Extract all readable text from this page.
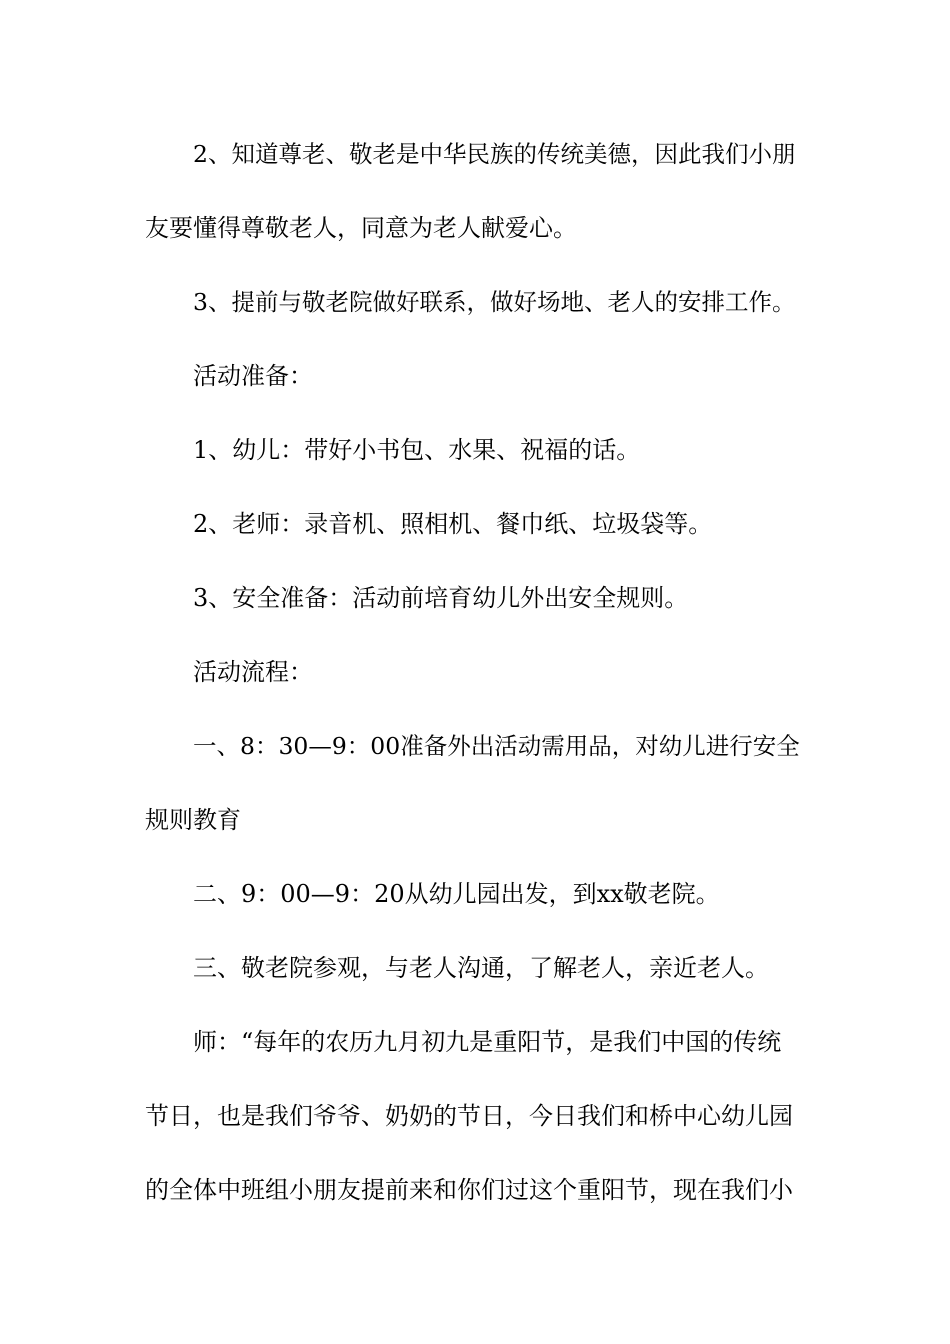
2、知道尊老、敬老是中华民族的传统美德，因此我们小朋

友要懂得尊敬老人，同意为老人献爱心。

3、提前与敬老院做好联系，做好场地、老人的安排工作。

活动准备：

1、幼儿：带好小书包、水果、祝福的话。

2、老师：录音机、照相机、餐巾纸、垃圾袋等。

3、安全准备：活动前培育幼儿外出安全规则。

活动流程：

一、8：30—9：00准备外出活动需用品，对幼儿进行安全

规则教育

二、9：00—9：20从幼儿园出发，到xx敬老院。

三、敬老院参观，与老人沟通，了解老人，亲近老人。

师：“每年的农历九月初九是重阳节，是我们中国的传统

节日，也是我们爷爷、奶奶的节日，今日我们和桥中心幼儿园

的全体中班组小朋友提前来和你们过这个重阳节，现在我们小
